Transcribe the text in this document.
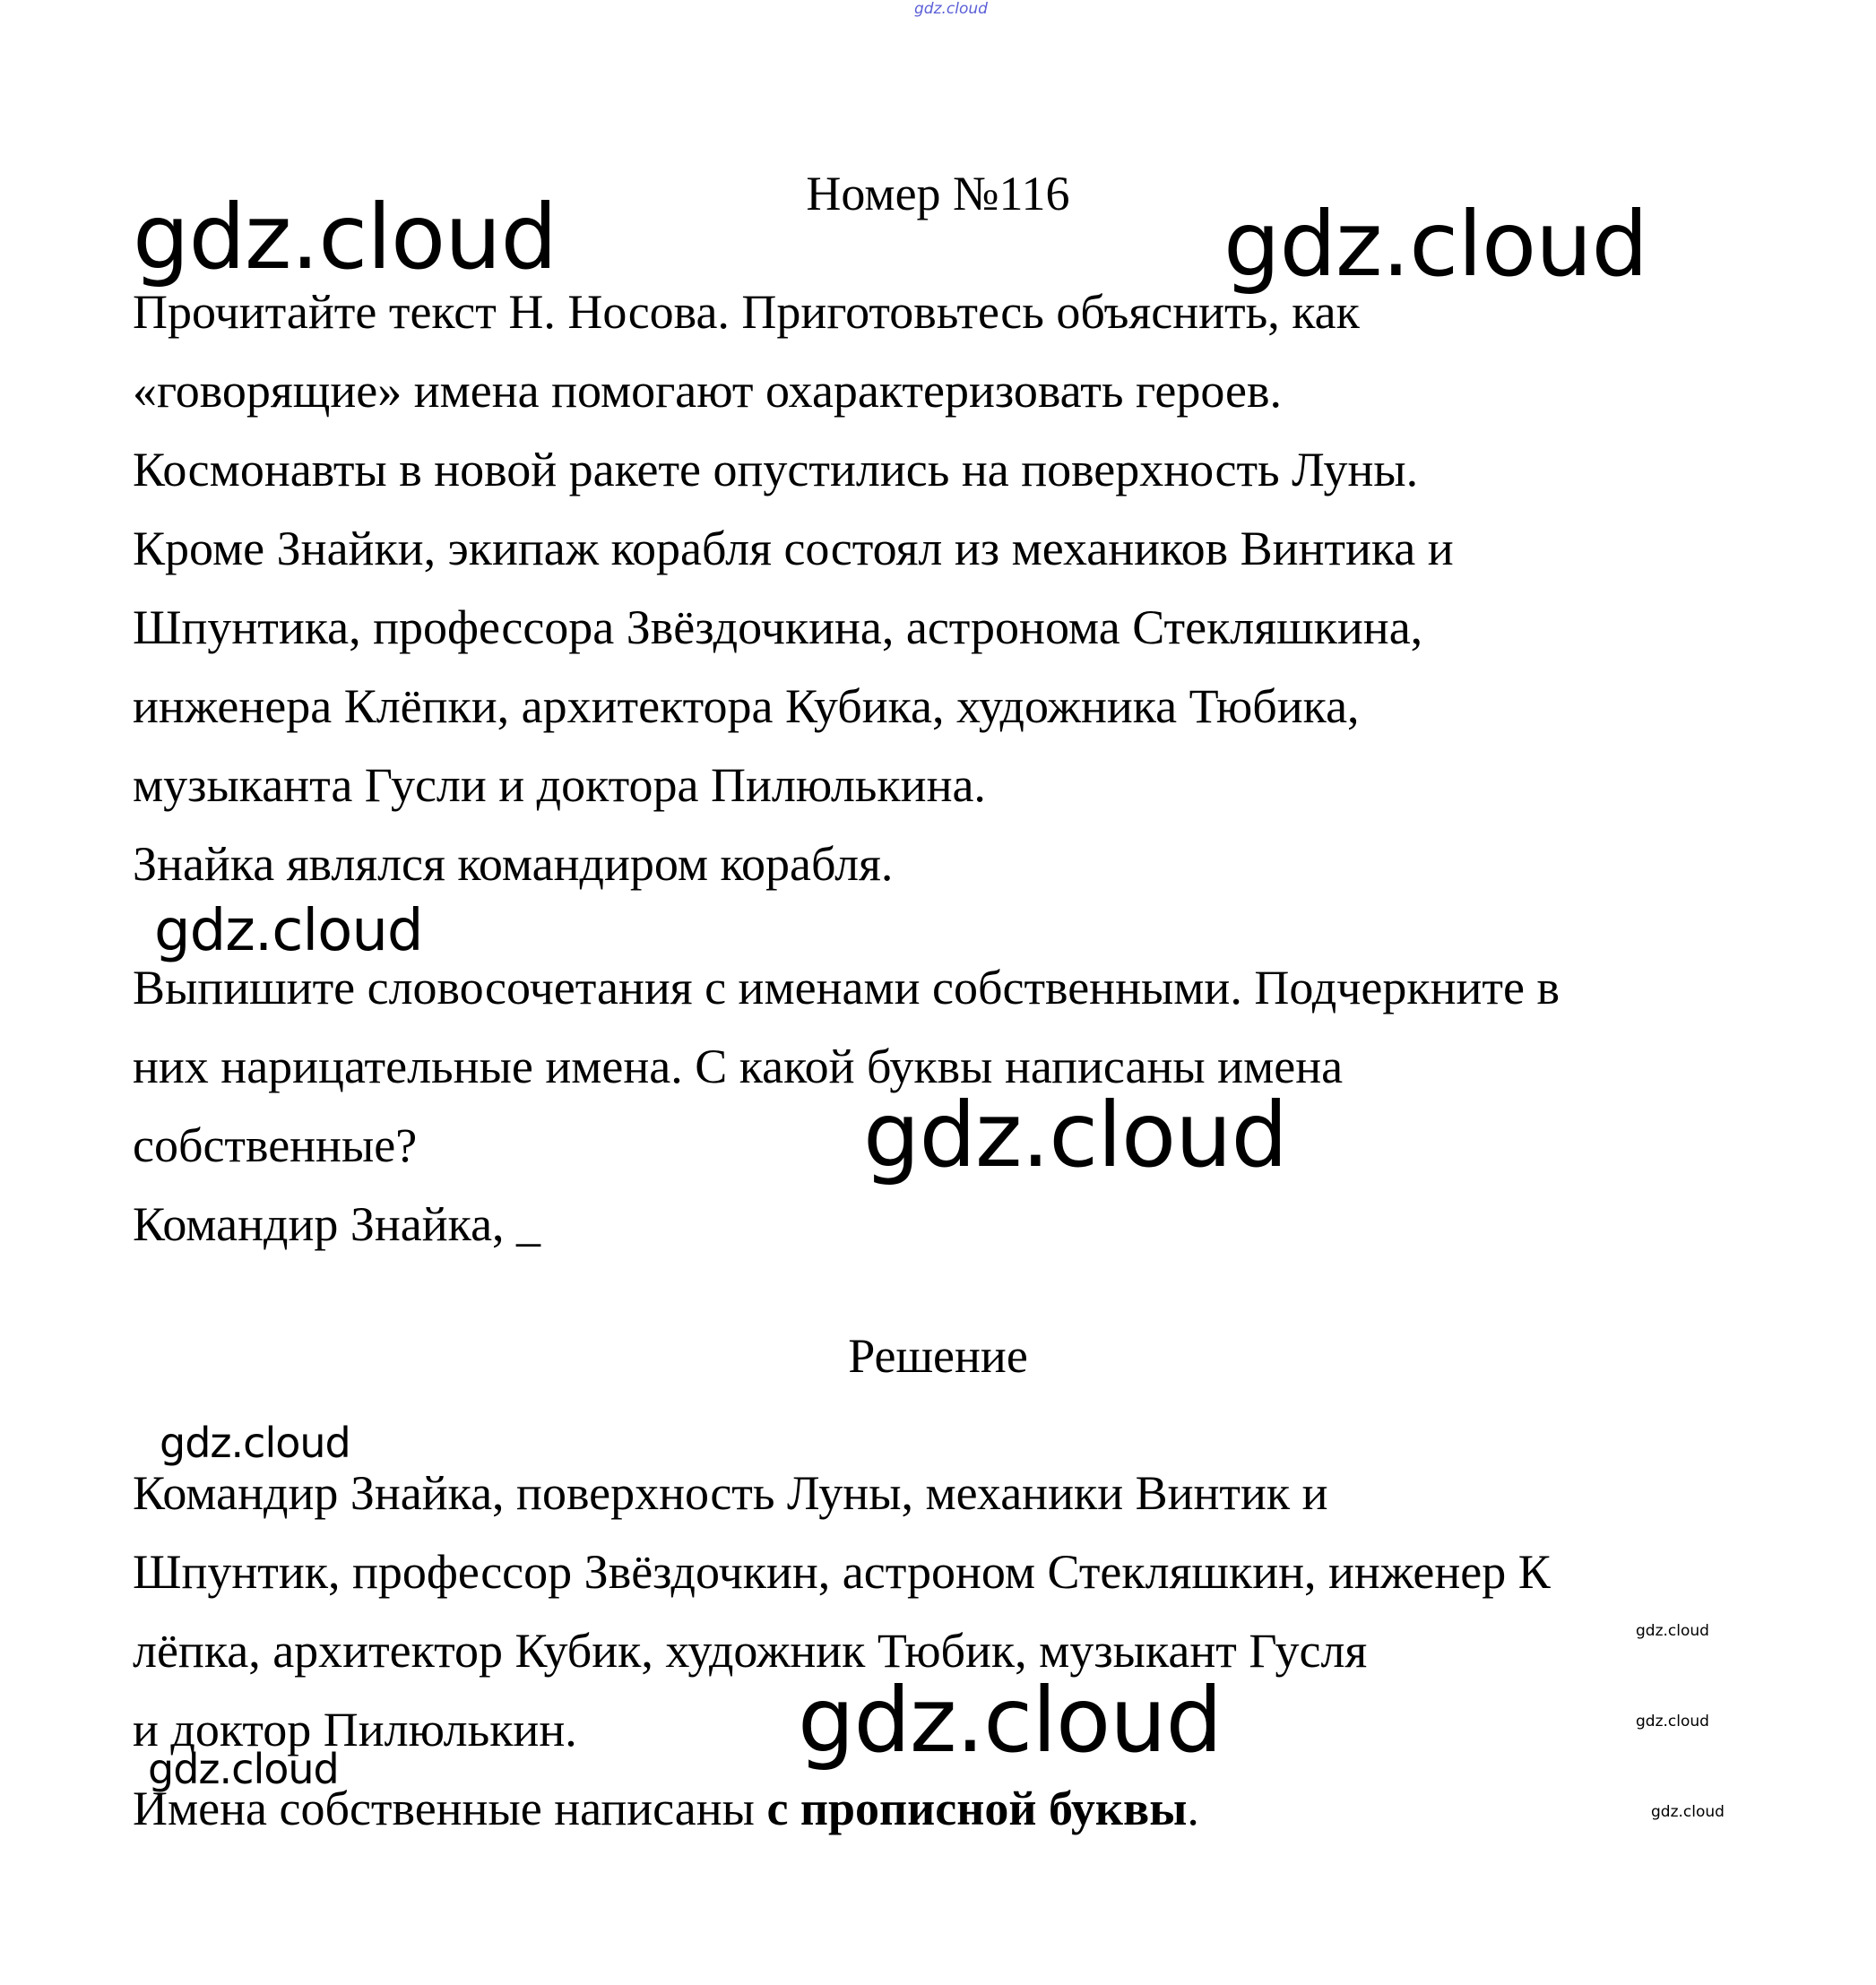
gdz.cloud
Номер №116
gdz.cloud	gdz.cloud
Прочитайте текст Н. Носова. Приготовьтесь объяснить, как
«говорящие» имена помогают охарактеризовать героев.
Космонавты в новой ракете опустились на поверхность Луны.
Кроме Знайки, экипаж корабля состоял из механиков Винтика и
Шпунтика, профессора Звёздочкина, астронома Стекляшкина,
инженера Клёпки, архитектора Кубика, художника Тюбика,
музыканта Гусли и доктора Пилюлькина.
Знайка являлся командиром корабля.
gdz.cloud
Выпишите словосочетания с именами собственными. Подчеркните в
них нарицательные имена. С какой буквы написаны имена
собственные?
Командир Знайка, _
gdz.cloud
Решение
gdz.cloud
Командир Знайка, поверхность Луны, механики Винтик и
Шпунтик, профессор Звёздочкин, астроном Стекляшкин, инженер К
лёпка, архитектор Кубик, художник Тюбик, музыкант Гусля
и доктор Пилюлькин.
gdz.cloud
gdz.cloud	gdz.cloud
gdz.cloud
Имена собственные написаны с прописной буквы.	gdz.cloud
